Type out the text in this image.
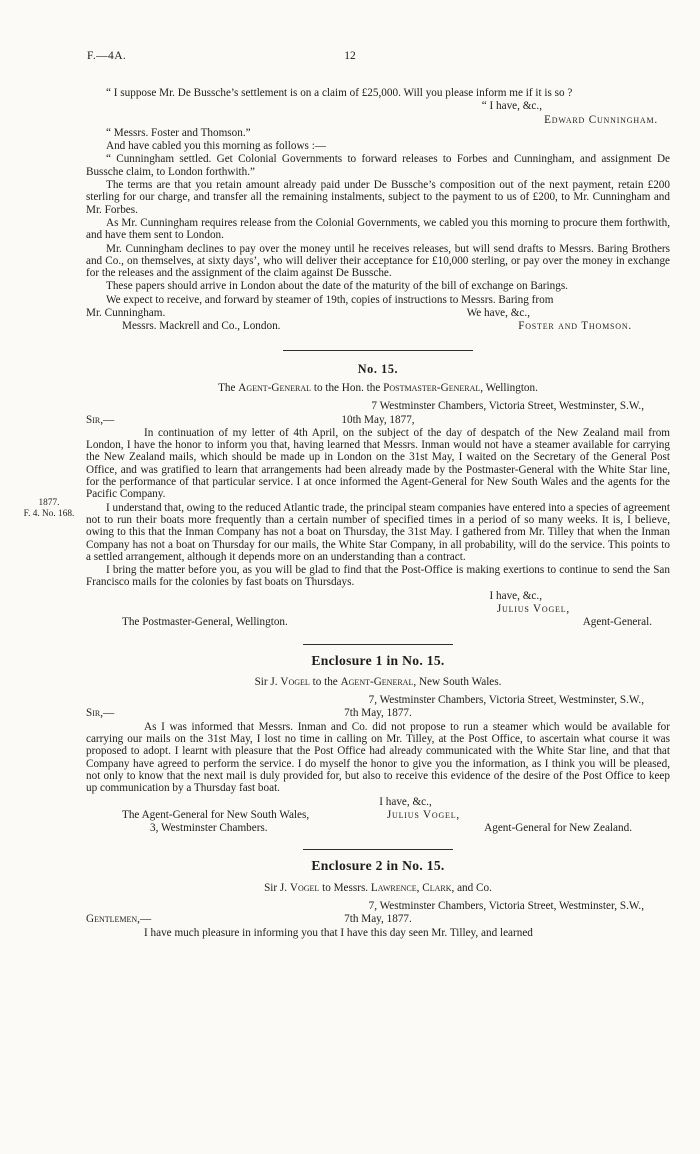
F.—4A.	12
1877.
F. 4. No. 168.
“ I suppose Mr. De Bussche’s settlement is on a claim of £25,000. Will you please inform me if it is so ?
“ I have, &c.,
Edward Cunningham.
“ Messrs. Foster and Thomson.”
And have cabled you this morning as follows :—
“ Cunningham settled. Get Colonial Governments to forward releases to Forbes and Cunningham, and assignment De Bussche claim, to London forthwith.”
The terms are that you retain amount already paid under De Bussche’s composition out of the next payment, retain £200 sterling for our charge, and transfer all the remaining instalments, subject to the payment to us of £200, to Mr. Cunningham and Mr. Forbes.
As Mr. Cunningham requires release from the Colonial Governments, we cabled you this morning to procure them forthwith, and have them sent to London.
Mr. Cunningham declines to pay over the money until he receives releases, but will send drafts to Messrs. Baring Brothers and Co., on themselves, at sixty days’, who will deliver their acceptance for £10,000 sterling, or pay over the money in exchange for the releases and the assignment of the claim against De Bussche.
These papers should arrive in London about the date of the maturity of the bill of exchange on Barings.
We expect to receive, and forward by steamer of 19th, copies of instructions to Messrs. Baring from
Mr. Cunningham.	We have, &c.,
Messrs. Mackrell and Co., London.	Foster and Thomson.
No. 15.
The Agent-General to the Hon. the Postmaster-General, Wellington.
7 Westminster Chambers, Victoria Street, Westminster, S.W.,
Sir,—	10th May, 1877,
In continuation of my letter of 4th April, on the subject of the day of despatch of the New Zealand mail from London, I have the honor to inform you that, having learned that Messrs. Inman would not have a steamer available for carrying the New Zealand mails, which should be made up in London on the 31st May, I waited on the Secretary of the General Post Office, and was gratified to learn that arrangements had been already made by the Postmaster-General with the White Star line, for the performance of that particular service. I at once informed the Agent-General for New South Wales and the agents for the Pacific Company.
I understand that, owing to the reduced Atlantic trade, the principal steam companies have entered into a species of agreement not to run their boats more frequently than a certain number of specified times in a period of so many weeks. It is, I believe, owing to this that the Inman Company has not a boat on Thursday, the 31st May. I gathered from Mr. Tilley that when the Inman Company has not a boat on Thursday for our mails, the White Star Company, in all probability, will do the service. This points to a settled arrangement, although it depends more on an understanding than a contract.
I bring the matter before you, as you will be glad to find that the Post-Office is making exertions to continue to send the San Francisco mails for the colonies by fast boats on Thursdays.
I have, &c.,
Julius Vogel,
The Postmaster-General, Wellington.	Agent-General.
Enclosure 1 in No. 15.
Sir J. Vogel to the Agent-General, New South Wales.
7, Westminster Chambers, Victoria Street, Westminster, S.W.,
Sir,—	7th May, 1877.
As I was informed that Messrs. Inman and Co. did not propose to run a steamer which would be available for carrying our mails on the 31st May, I lost no time in calling on Mr. Tilley, at the Post Office, to ascertain what course it was proposed to adopt. I learnt with pleasure that the Post Office had already communicated with the White Star line, and that that Company have agreed to perform the service. I do myself the honor to give you the information, as I think you will be pleased, not only to know that the next mail is duly provided for, but also to receive this evidence of the desire of the Post Office to keep up communication by a Thursday fast boat.
I have, &c.,
The Agent-General for New South Wales,	Julius Vogel,
3, Westminster Chambers.	Agent-General for New Zealand.
Enclosure 2 in No. 15.
Sir J. Vogel to Messrs. Lawrence, Clark, and Co.
7, Westminster Chambers, Victoria Street, Westminster, S.W.,
Gentlemen,—	7th May, 1877.
I have much pleasure in informing you that I have this day seen Mr. Tilley, and learned
